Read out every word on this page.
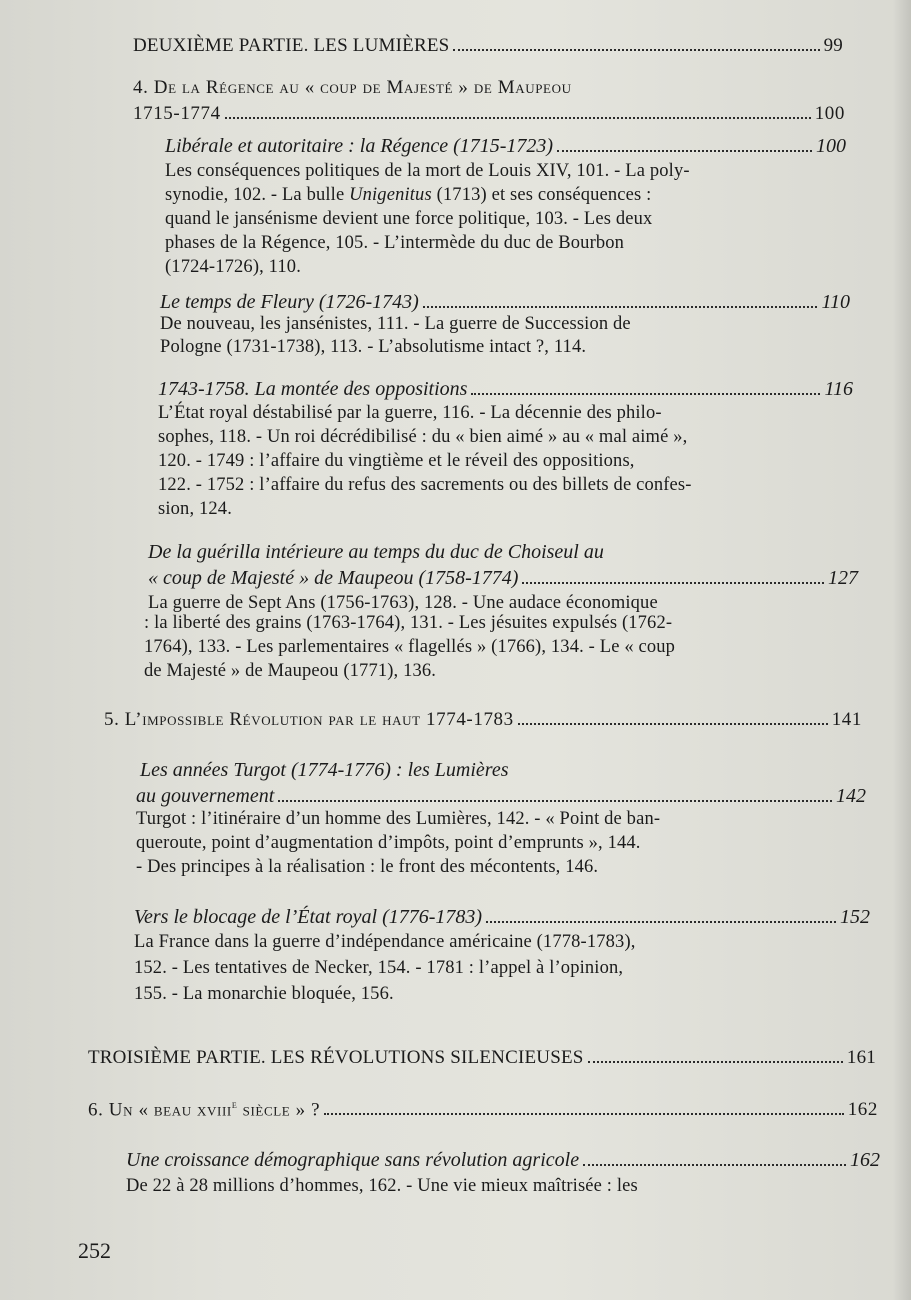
DEUXIÈME PARTIE. LES LUMIÈRES	99
4. De la Régence au « coup de Majesté » de Maupeou
1715-1774	100
Libérale et autoritaire : la Régence (1715-1723)	100
Les conséquences politiques de la mort de Louis XIV, 101. - La poly-
synodie, 102. - La bulle Unigenitus (1713) et ses conséquences :
quand le jansénisme devient une force politique, 103. - Les deux
phases de la Régence, 105. - L’intermède du duc de Bourbon
(1724-1726), 110.
Le temps de Fleury (1726-1743)	110
De nouveau, les jansénistes, 111. - La guerre de Succession de
Pologne (1731-1738), 113. - L’absolutisme intact ?, 114.
1743-1758. La montée des oppositions	116
L’État royal déstabilisé par la guerre, 116. - La décennie des philo-
sophes, 118. - Un roi décrédibilisé : du « bien aimé » au « mal aimé »,
120. - 1749 : l’affaire du vingtième et le réveil des oppositions,
122. - 1752 : l’affaire du refus des sacrements ou des billets de confes-
sion, 124.
De la guérilla intérieure au temps du duc de Choiseul au
« coup de Majesté » de Maupeou (1758-1774)	127
La guerre de Sept Ans (1756-1763), 128. - Une audace économique
: la liberté des grains (1763-1764), 131. - Les jésuites expulsés (1762-
1764), 133. - Les parlementaires « flagellés » (1766), 134. - Le « coup
de Majesté » de Maupeou (1771), 136.
5. L’impossible Révolution par le haut 1774-1783	141
Les années Turgot (1774-1776) : les Lumières
au gouvernement	142
Turgot : l’itinéraire d’un homme des Lumières, 142. - « Point de ban-
queroute, point d’augmentation d’impôts, point d’emprunts », 144.
- Des principes à la réalisation : le front des mécontents, 146.
Vers le blocage de l’État royal (1776-1783)	152
La France dans la guerre d’indépendance américaine (1778-1783),
152. - Les tentatives de Necker, 154. - 1781 : l’appel à l’opinion,
155. - La monarchie bloquée, 156.
TROISIÈME PARTIE. LES RÉVOLUTIONS SILENCIEUSES	161
6. Un « beau xviii$^e$ siècle » ?	162
Une croissance démographique sans révolution agricole	162
De 22 à 28 millions d’hommes, 162. - Une vie mieux maîtrisée : les
252
